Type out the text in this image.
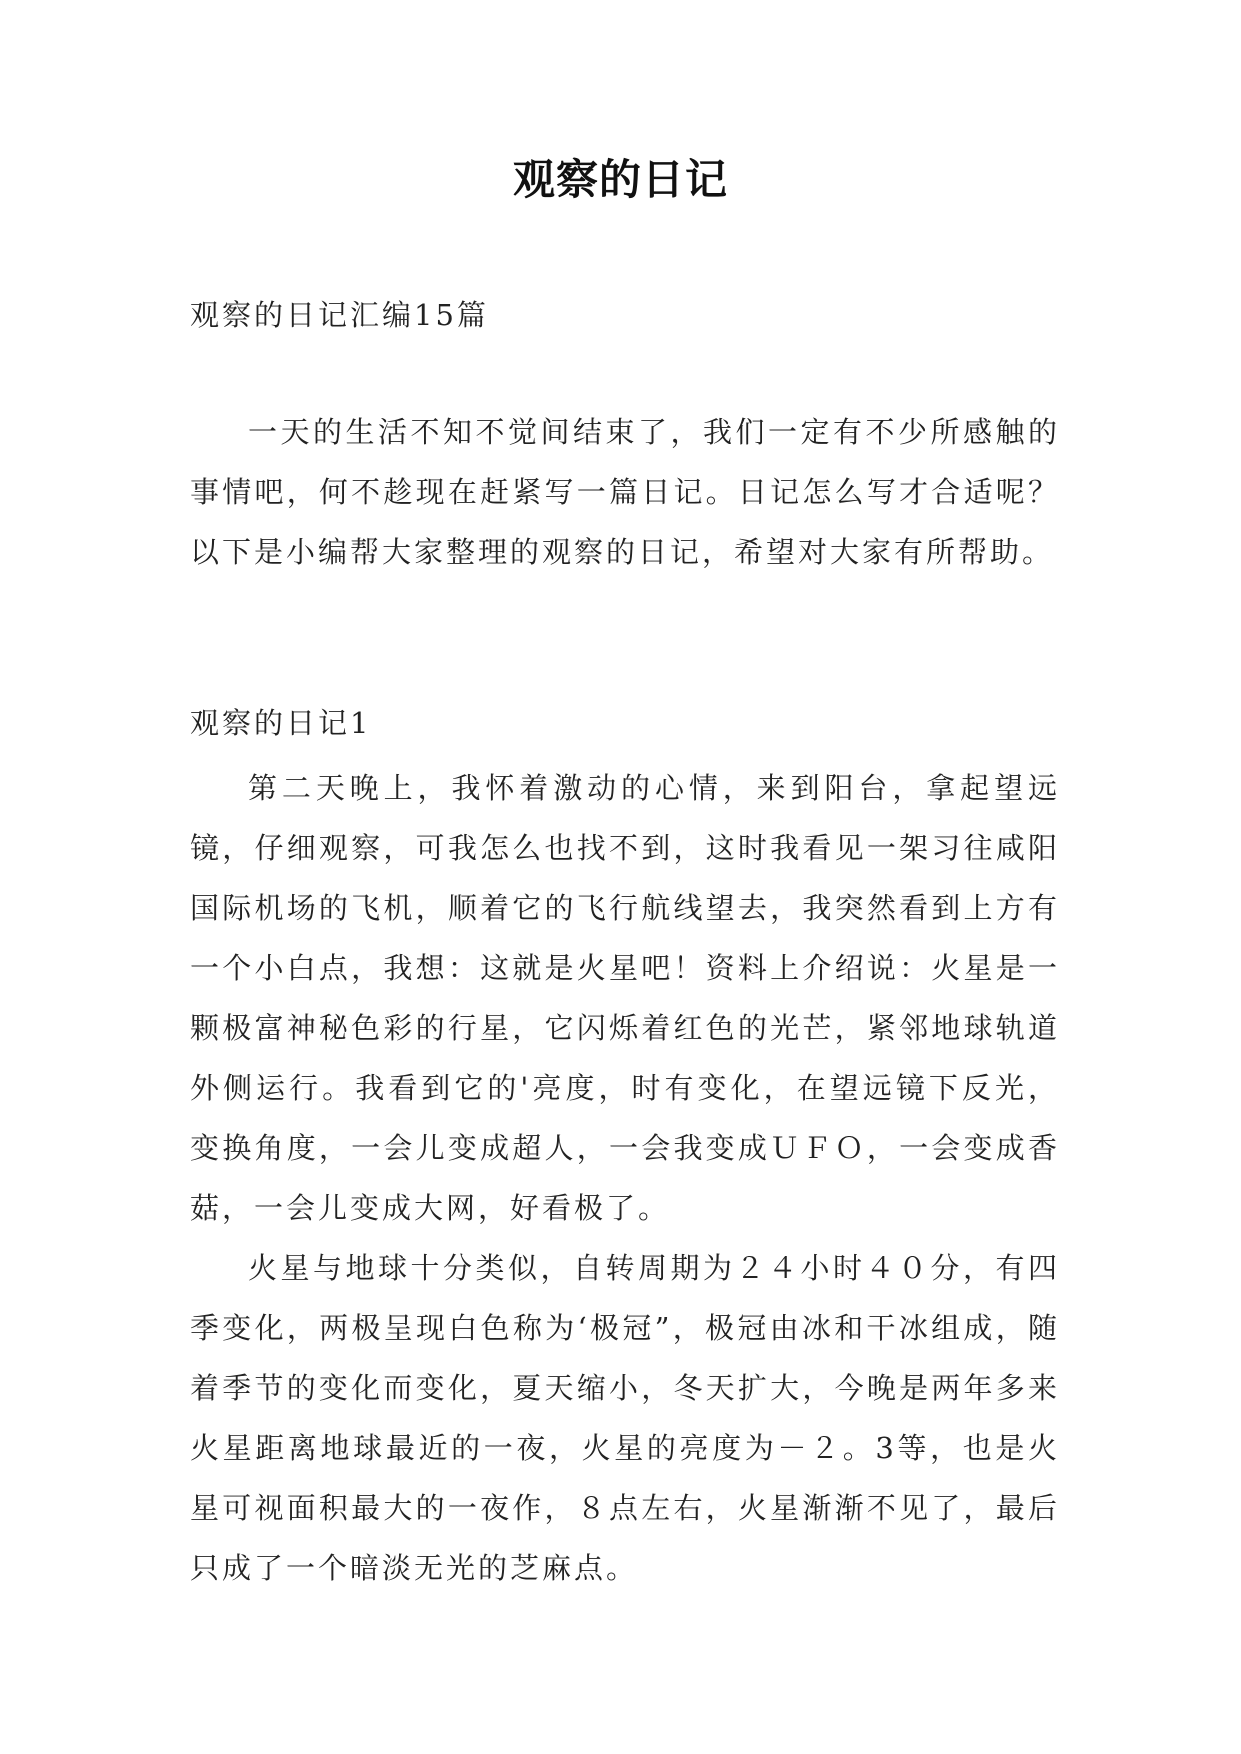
观察的日记
观察的日记汇编15篇

一天的生活不知不觉间结束了，我们一定有不少所感触的事情吧，何不趁现在赶紧写一篇日记。日记怎么写才合适呢？以下是小编帮大家整理的观察的日记，希望对大家有所帮助。

观察的日记1

第二天晚上，我怀着激动的心情，来到阳台，拿起望远镜，仔细观察，可我怎么也找不到，这时我看见一架习往咸阳国际机场的飞机，顺着它的飞行航线望去，我突然看到上方有一个小白点，我想：这就是火星吧！资料上介绍说：火星是一颗极富神秘色彩的行星，它闪烁着红色的光芒，紧邻地球轨道外侧运行。我看到它的'亮度，时有变化，在望远镜下反光，变换角度，一会儿变成超人，一会我变成ＵＦＯ，一会变成香菇，一会儿变成大网，好看极了。

火星与地球十分类似，自转周期为２４小时４０分，有四季变化，两极呈现白色称为‘极冠”，极冠由冰和干冰组成，随着季节的变化而变化，夏天缩小，冬天扩大，今晚是两年多来火星距离地球最近的一夜，火星的亮度为－２。3等，也是火星可视面积最大的一夜作，８点左右，火星渐渐不见了，最后只成了一个暗淡无光的芝麻点。
